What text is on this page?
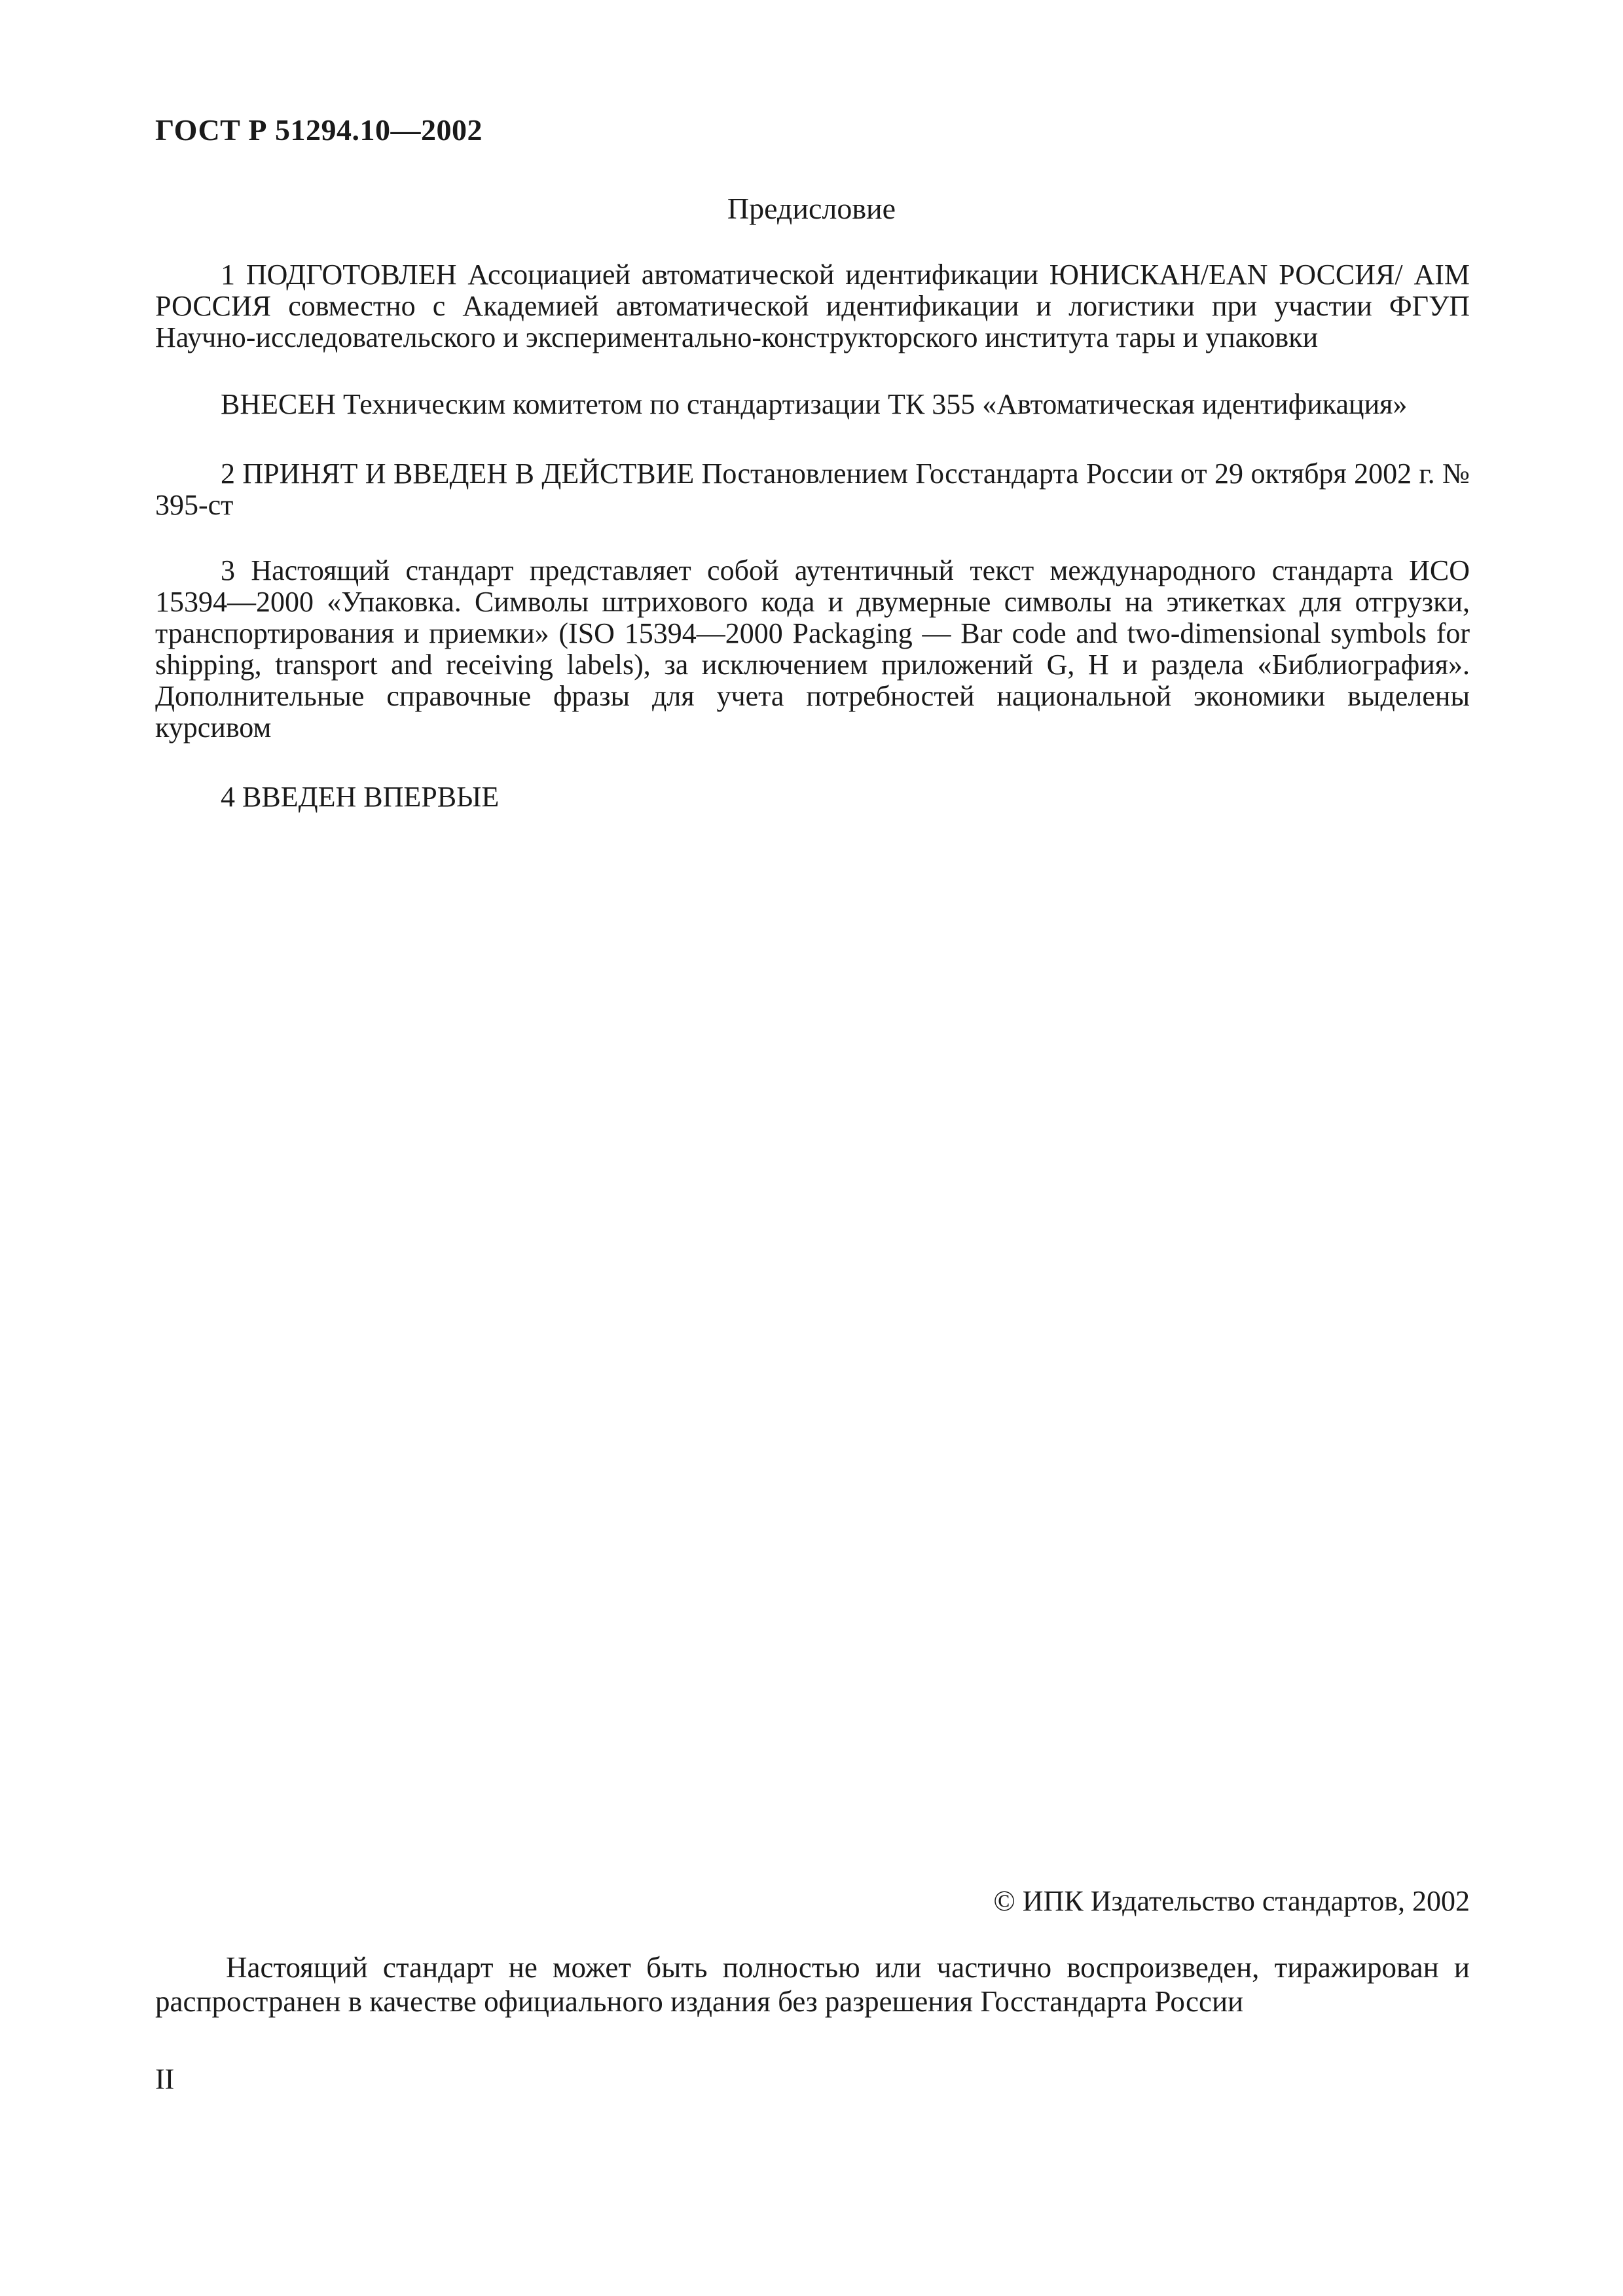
ГОСТ Р 51294.10—2002
Предисловие

1 ПОДГОТОВЛЕН Ассоциацией автоматической идентификации ЮНИСКАН/EAN РОССИЯ/ AIM РОССИЯ совместно с Академией автоматической идентификации и логистики при участии ФГУП Научно-исследовательского и экспериментально-конструкторского института тары и упаковки

ВНЕСЕН Техническим комитетом по стандартизации ТК 355 «Автоматическая идентификация»

2 ПРИНЯТ И ВВЕДЕН В ДЕЙСТВИЕ Постановлением Госстандарта России от 29 октября 2002 г. № 395-ст

3 Настоящий стандарт представляет собой аутентичный текст международного стандарта ИСО 15394—2000 «Упаковка. Символы штрихового кода и двумерные символы на этикетках для отгрузки, транспортирования и приемки» (ISO 15394—2000 Packaging — Bar code and two-dimensional symbols for shipping, transport and receiving labels), за исключением приложений G, H и раздела «Библиография». Дополнительные справочные фразы для учета потребностей национальной экономики выделены курсивом

4 ВВЕДЕН ВПЕРВЫЕ

© ИПК Издательство стандартов, 2002

Настоящий стандарт не может быть полностью или частично воспроизведен, тиражирован и распространен в качестве официального издания без разрешения Госстандарта России

II
